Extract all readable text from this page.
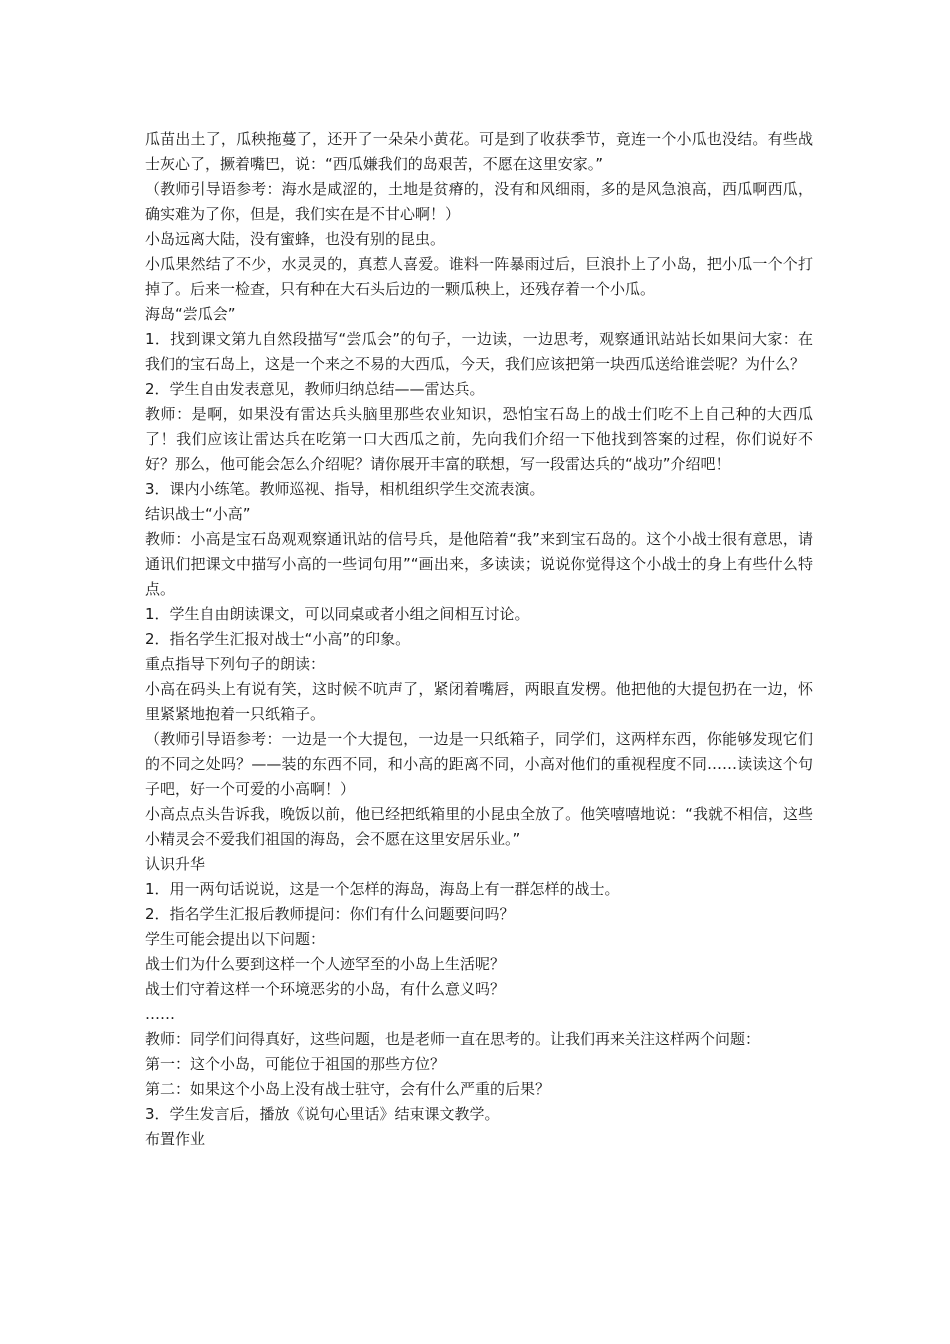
瓜苗出土了，瓜秧拖蔓了，还开了一朵朵小黄花。可是到了收获季节，竟连一个小瓜也没结。有些战士灰心了，撅着嘴巴，说：“西瓜嫌我们的岛艰苦，不愿在这里安家。”

（教师引导语参考：海水是咸涩的，土地是贫瘠的，没有和风细雨，多的是风急浪高，西瓜啊西瓜，确实难为了你，但是，我们实在是不甘心啊！）

小岛远离大陆，没有蜜蜂，也没有别的昆虫。

小瓜果然结了不少，水灵灵的，真惹人喜爱。谁料一阵暴雨过后，巨浪扑上了小岛，把小瓜一个个打掉了。后来一检查，只有种在大石头后边的一颗瓜秧上，还残存着一个小瓜。

海岛“尝瓜会”

1．找到课文第九自然段描写“尝瓜会”的句子，一边读，一边思考，观察通讯站站长如果问大家：在我们的宝石岛上，这是一个来之不易的大西瓜，今天，我们应该把第一块西瓜送给谁尝呢？为什么？

2．学生自由发表意见，教师归纳总结——雷达兵。

教师：是啊，如果没有雷达兵头脑里那些农业知识，恐怕宝石岛上的战士们吃不上自己种的大西瓜了！我们应该让雷达兵在吃第一口大西瓜之前，先向我们介绍一下他找到答案的过程，你们说好不好？那么，他可能会怎么介绍呢？请你展开丰富的联想，写一段雷达兵的“战功”介绍吧！

3．课内小练笔。教师巡视、指导，相机组织学生交流表演。

结识战士“小高”

教师：小高是宝石岛观观察通讯站的信号兵，是他陪着“我”来到宝石岛的。这个小战士很有意思，请通讯们把课文中描写小高的一些词句用”“画出来，多读读；说说你觉得这个小战士的身上有些什么特点。

1．学生自由朗读课文，可以同桌或者小组之间相互讨论。

2．指名学生汇报对战士“小高”的印象。

重点指导下列句子的朗读：

小高在码头上有说有笑，这时候不吭声了，紧闭着嘴唇，两眼直发楞。他把他的大提包扔在一边，怀里紧紧地抱着一只纸箱子。

（教师引导语参考：一边是一个大提包，一边是一只纸箱子，同学们，这两样东西，你能够发现它们的不同之处吗？——装的东西不同，和小高的距离不同，小高对他们的重视程度不同……读读这个句子吧，好一个可爱的小高啊！）

小高点点头告诉我，晚饭以前，他已经把纸箱里的小昆虫全放了。他笑嘻嘻地说：“我就不相信，这些小精灵会不爱我们祖国的海岛，会不愿在这里安居乐业。”

认识升华

1．用一两句话说说，这是一个怎样的海岛，海岛上有一群怎样的战士。

2．指名学生汇报后教师提问：你们有什么问题要问吗？

学生可能会提出以下问题：

战士们为什么要到这样一个人迹罕至的小岛上生活呢？

战士们守着这样一个环境恶劣的小岛，有什么意义吗？

……

教师：同学们问得真好，这些问题，也是老师一直在思考的。让我们再来关注这样两个问题：

第一：这个小岛，可能位于祖国的那些方位？

第二：如果这个小岛上没有战士驻守，会有什么严重的后果？

3．学生发言后，播放《说句心里话》结束课文教学。

布置作业
